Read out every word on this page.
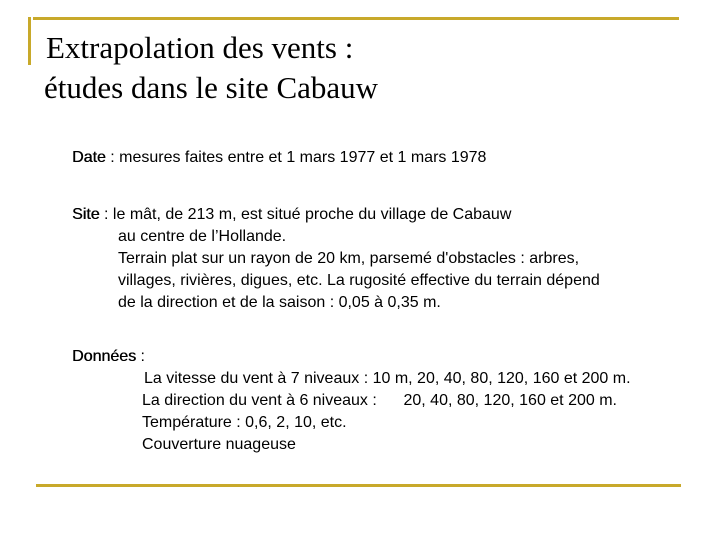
Extrapolation des vents :
études dans le site Cabauw
Date : mesures faites entre et 1 mars 1977 et 1 mars 1978
Site : le mât, de 213 m, est situé proche du village de Cabauw
au centre de l’Hollande.
Terrain plat sur un rayon de 20 km, parsemé d'obstacles : arbres,
villages, rivières, digues, etc. La rugosité effective du terrain dépend
de la direction et de la saison : 0,05 à 0,35 m.
Données :
La vitesse du vent à 7 niveaux : 10 m, 20, 40, 80, 120, 160 et 200 m.
La direction du vent à 6 niveaux :      20, 40, 80, 120, 160 et 200 m.
Température : 0,6, 2, 10, etc.
Couverture nuageuse
